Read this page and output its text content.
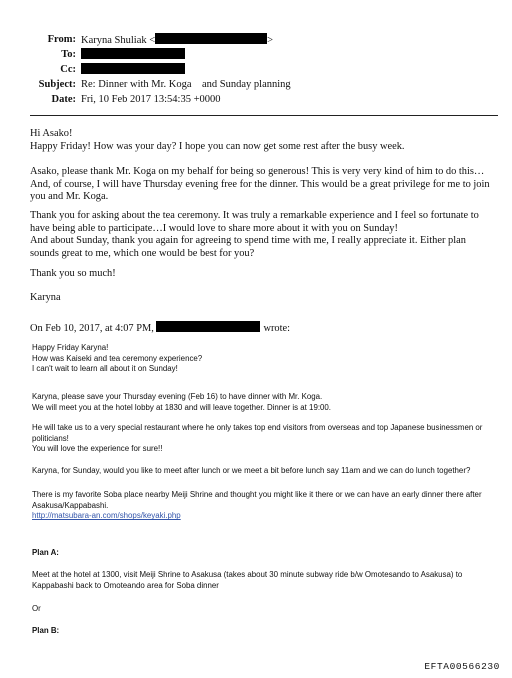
From: Karyna Shuliak <	>
To:
Cc:
Subject: Re: Dinner with Mr. Koga    and Sunday planning
Date: Fri, 10 Feb 2017 13:54:35 +0000

Hi Asako!
Happy Friday! How was your day? I hope you can now get some rest after the busy week.

Asako, please thank Mr. Koga on my behalf for being so generous! This is very very kind of him to do this… And, of course, I will have Thursday evening free for the dinner. This would be a great privilege for me to join you and Mr. Koga.

Thank you for asking about the tea ceremony. It was truly a remarkable experience and I feel so fortunate to have being able to participate…I would love to share more about it with you on Sunday!
And about Sunday, thank you again for agreeing to spend time with me, I really appreciate it. Either plan sounds great to me, which one would be best for you?

Thank you so much!

Karyna

On Feb 10, 2017, at 4:07 PM,	wrote:

Happy Friday Karyna!
How was Kaiseki and tea ceremony experience?
I can't wait to learn all about it on Sunday!

Karyna, please save your Thursday evening (Feb 16) to have dinner with Mr. Koga.
We will meet you at the hotel lobby at 1830 and will leave together. Dinner is at 19:00.

He will take us to a very special restaurant where he only takes top end visitors from overseas and top Japanese businessmen or politicians!
You will love the experience for sure!!

Karyna, for Sunday, would you like to meet after lunch or we meet a bit before lunch say 11am and we can do lunch together?

There is my favorite Soba place nearby Meiji Shrine and thought you might like it there or we can have an early dinner there after Asakusa/Kappabashi.
http://matsubara-an.com/shops/keyaki.php

Plan A:

Meet at the hotel at 1300, visit Meiji Shrine to Asakusa (takes about 30 minute subway ride b/w Omotesando to Asakusa) to Kappabashi back to Omoteando area for Soba dinner

Or

Plan B:

EFTA00566230
